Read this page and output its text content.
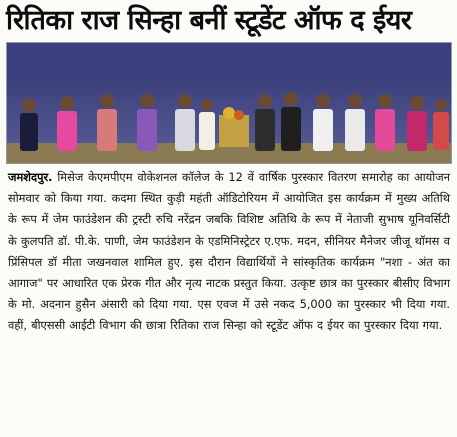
रितिका राज सिन्हा बनीं स्टूडेंट ऑफ द ईयर
जमशेदपुर. मिसेज केएमपीएम वोकेशनल कॉलेज के 12 वें वार्षिक पुरस्कार वितरण समारोह का आयोजन सोमवार को किया गया. कदमा स्थित कुड़ी महंती ऑडिटोरियम में आयोजित इस कार्यक्रम में मुख्य अतिथि के रूप में जेम फाउंडेशन की ट्रस्टी रुचि नरेंद्रन जबकि विशिष्ट अतिथि के रूप में नेताजी सुभाष यूनिवर्सिटी के कुलपति डॉ. पी.के. पाणी, जेम फाउंडेशन के एडमिनिस्ट्रेटर ए.एफ. मदन, सीनियर मैनेजर जीजू थॉमस व प्रिंसिपल डॉ मीता जखनवाल शामिल हुए. इस दौरान विद्यार्थियों ने सांस्कृतिक कार्यक्रम "नशा - अंत का आगाज" पर आधारित एक प्रेरक गीत और नृत्य नाटक प्रस्तुत किया. उत्कृष्ट छात्र का पुरस्कार बीसीए विभाग के मो. अदनान हुसैन अंसारी को दिया गया. एस एवज में उसे नकद 5,000 का पुरस्कार भी दिया गया. वहीं, बीएससी आईटी विभाग की छात्रा रितिका राज सिन्हा को स्टूडेंट ऑफ द ईयर का पुरस्कार दिया गया.
